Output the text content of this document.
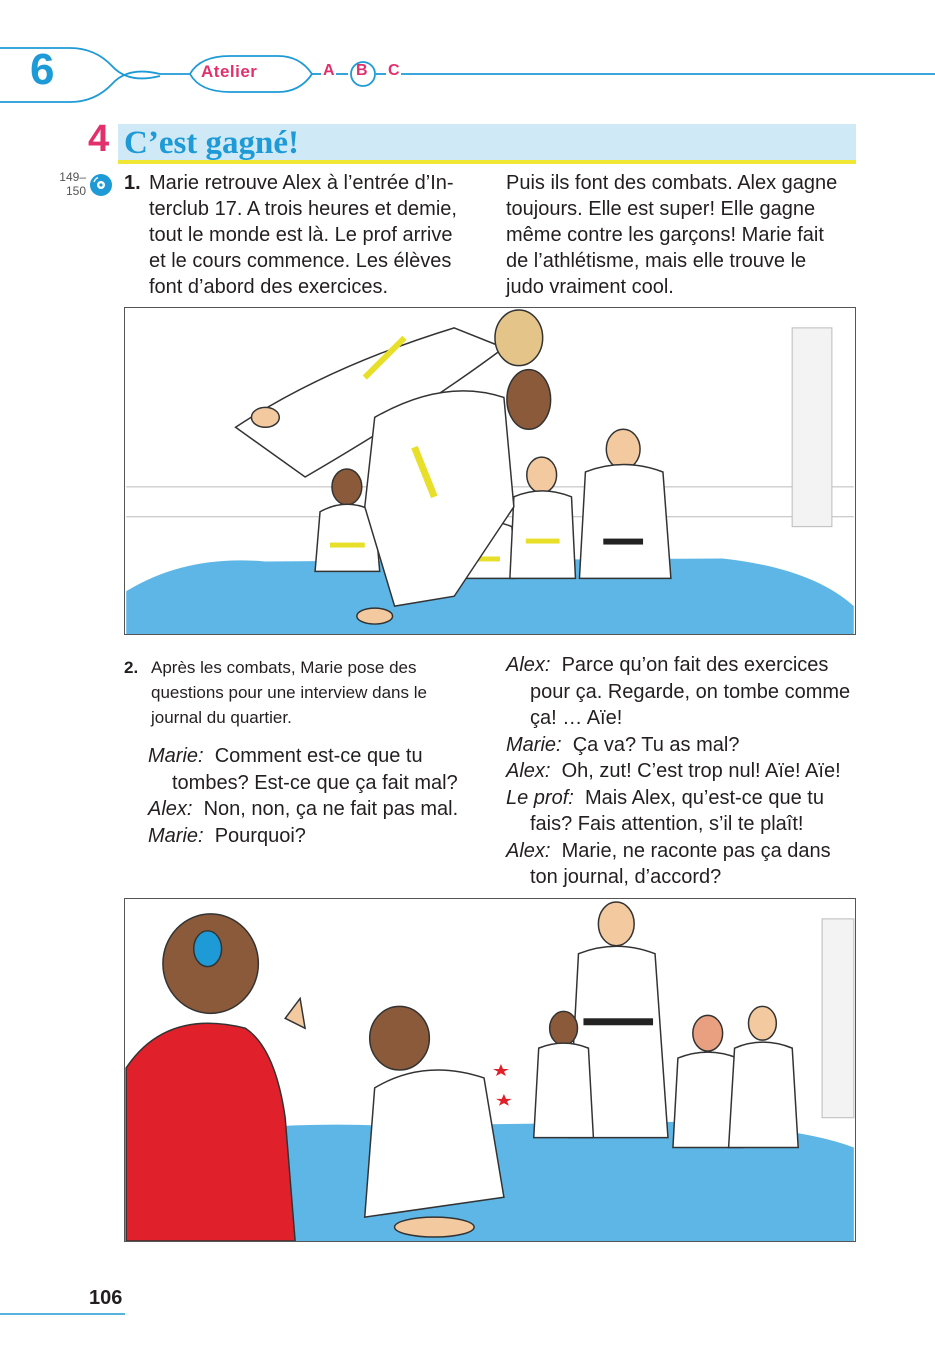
6	Atelier	A B C
4 C’est gagné!
149–
150 1. Marie retrouve Alex à l’entrée d’In-
terclub 17. A trois heures et demie,
tout le monde est là. Le prof arrive
et le cours commence. Les élèves
font d’abord des exercices.
Puis ils font des combats. Alex gagne
toujours. Elle est super! Elle gagne
même contre les garçons! Marie fait
de l’athlétisme, mais elle trouve le
judo vraiment cool.
2. Après les combats, Marie pose des
questions pour une interview dans le
journal du quartier.
Marie: Comment est-ce que tu
tombes? Est-ce que ça fait mal?
Alex: Non, non, ça ne fait pas mal.
Marie: Pourquoi?
Alex: Parce qu’on fait des exercices
pour ça. Regarde, on tombe comme
ça! … Aïe!
Marie: Ça va? Tu as mal?
Alex: Oh, zut! C’est trop nul! Aïe! Aïe!
Le prof: Mais Alex, qu’est-ce que tu
fais? Fais attention, s’il te plaît!
Alex: Marie, ne raconte pas ça dans
ton journal, d’accord?
106
